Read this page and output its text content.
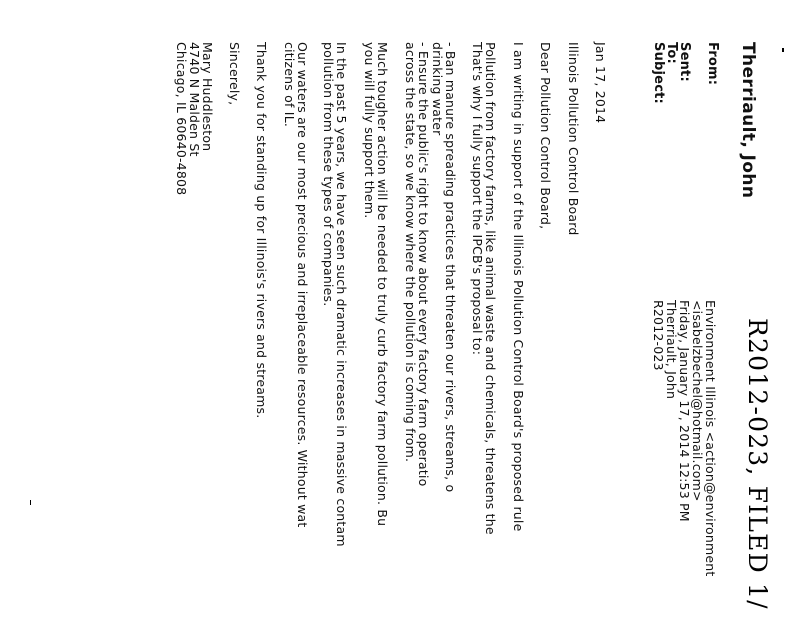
R2012-023, FILED 1/
Therriault, John
From:
Sent:
To:
Subject:
Environment Illinois <action@environment
<isabelzbechel@hotmail.com>
Friday, January 17, 2014 12:53 PM
Therriault, John
R2012-023
Jan 17, 2014
Illinois Pollution Control Board
Dear Pollution Control Board,
I am writing in support of the Illinois Pollution Control Board's proposed rule
Pollution from factory farms, like animal waste and chemicals, threatens the
That's why I fully support the IPCB's proposal to:
- Ban manure spreading practices that threaten our rivers, streams, o
drinking water
- Ensure the public's right to know about every factory farm operatio
across the state, so we know where the pollution is coming from.
Much tougher action will be needed to truly curb factory farm pollution. Bu
you will fully support them.
In the past 5 years, we have seen such dramatic increases in massive contam
pollution from these types of companies.
Our waters are our most precious and irreplaceable resources. Without wat
citizens of IL.
Thank you for standing up for Illinois's rivers and streams.
Sincerely,
Mary Huddleston
4740 N Malden St
Chicago, IL 60640-4808
